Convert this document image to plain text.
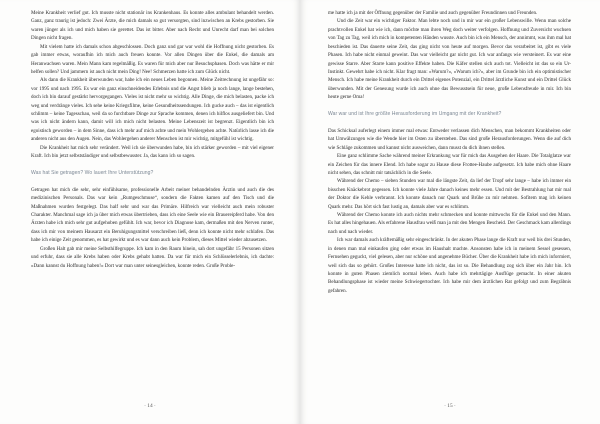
Meine Krankheit verlief gut. Ich musste nicht stationär ins Krankenhaus. Es konnte alles ambulant behandelt werden. Ganz, ganz traurig ist jedoch: Zwei Ärzte, die mich damals so gut versorgten, sind inzwischen an Krebs gestorben. Sie waren jünger als ich und mich haben sie gerettet. Das ist bitter. Aber nach Recht und Unrecht darf man bei solchen Dingen nicht fragen.

Mit vielem hatte ich damals schon abgeschlossen. Doch ganz und gar war wohl die Hoffnung nicht gestorben. Es gab immer etwas, woraufhin ich mich auch freuen konnte. Vor allen Dingen über die Enkel, die damals am Heranwachsen waren. Mein Mann kam regelmäßig. Es waren für mich aber nur Besuchsphasen. Doch was hätte er mir helfen sollen? Und jammern ist auch nicht mein Ding! Nee! Schmerzen hatte ich zum Glück nicht.

Als dann die Krankheit überwunden war, habe ich ein neues Leben begonnen. Meine Zeitrechnung ist ungefähr so: vor 1995 und nach 1995. Es war ein ganz einschneidendes Erlebnis und die Angst blieb ja noch lange, lange bestehen, doch ich bin darauf gestärkt hervorgegangen. Vieles ist nicht mehr so wichtig. Alle Dinge, die mich belasten, packe ich weg und verdränge vieles. Ich sehe keine Kriegsfilme, keine Gesundheitssendungen. Ich gucke auch – das ist eigentlich schlimm – keine Tagesschau, weil da so furchtbare Dinge zur Sprache kommen, denen ich hilflos ausgeliefert bin. Und was ich nicht ändern kann, damit will ich mich nicht belasten. Meine Lebenszeit ist begrenzt. Eigentlich bin ich egoistisch geworden – in dem Sinne, dass ich mehr auf mich achte und mein Wohlergehen achte. Natürlich lasse ich die anderen nicht aus den Augen. Nein, das Wohlergehen anderer Menschen ist mir wichtig, mitgefühl ist wichtig.

Die Krankheit hat mich sehr verändert. Weil ich sie überwunden habe, bin ich stärker geworden – mit viel eigener Kraft. Ich bin jetzt selbstständiger und selbstbewusster. Ja, das kann ich so sagen.

Was hat Sie getragen? Wo lauert Ihre Unterstützung?

Getragen hat mich die sehr, sehr einfühlsame, professionelle Arbeit meiner behandelnden Ärztin und auch die des medizinischen Personals. Das war kein „Rumgeschmuse“, sondern die Fakten kamen auf den Tisch und die Maßnahmen wurden festgelegt. Das half sehr und war das Primäre. Hilfreich war vielleicht auch mein robuster Charakter. Manchmal sage ich ja über mich etwas übertrieben, dass ich eine Seele wie ein Brauereipferd habe. Von den Ärzten habe ich mich sehr gut aufgehoben gefühlt. Ich war, bevor ich Diagnose kam, dermaßen mit den Nerven runter, dass ich mir von meinem Hausarzt ein Beruhigungsmittel verschreiben ließ, denn ich konnte nicht mehr schlafen. Das habe ich einige Zeit genommen, es hat gewirkt und es war dann auch kein Problem, dieses Mittel wieder abzusetzen.

Großen Halt gab mir meine Selbsthilfegruppe. Ich kam in den Raum hinein, sah dort ungefähr 15 Personen sitzen und erfuhr, dass sie alle Krebs haben oder Krebs gehabt hatten. Da war für mich ein Schlüsselerlebnis, ich dachte: »Dann kannst du Hoffnung haben!« Dort war man unter seinesgleichen, konnte reden. Große Proble-

· 14 ·

me hatte ich ja mit der Öffnung gegenüber der Familie und auch gegenüber Freundinnen und Freunden.

Und die Zeit war ein wichtiger Faktor. Man lebte noch und in mir war ein großer Lebenswille. Wenn man solche prachtvollen Enkel hat wie ich, dann möchte man ihren Weg doch weiter verfolgen. Hoffnung und Zuversicht wuchsen von Tag zu Tag, weil ich mich in kompetenten Händen wusste. Auch bin ich ein Mensch, der annimmt, was ihm mal hat beschieden ist. Das dauerte seine Zeit, das ging nicht von heute auf morgen. Bevor das verarbeitet ist, gibt es viele Phasen. Ich habe nicht einmal geweint. Das war vielleicht gar nicht gut. Ich war anfangs wie versteinert. Es war eine gewisse Starre. Aber Starre kann positive Effekte haben. Die Käfer stellen sich auch tot. Vielleicht ist das so ein Ur-Instinkt. Gewehrt habe ich nicht. Klar fragt man: »Warum?«, »Warum ich?«, aber im Grunde bin ich ein optimistischer Mensch. Ich habe meine Krankheit durch ein Drittel eigenes Potenzial, ein Drittel ärztliche Kunst und ein Drittel Glück überwunden. Mit der Genesung wurde ich auch ohne das Bewusstsein für neue, große Lebensfreude in mir. Ich bin heute gerne Oma!

War war und ist Ihre größte Herausforderung im Umgang mit der Krankheit?

Das Schicksal auferlegt einem immer mal etwas: Entweder verlassen dich Menschen, man bekommt Krankheiten oder hat Umwälzungen wie die Wende hier im Osten zu überstehen. Das sind große Herausforderungen. Wenn die auf dich wie Schläge zukommen und kannst nicht ausweichen, dann musst du dich ihnen stellen.

Eine ganz schlimme Sache während meiner Erkrankung war für mich das Ausgehen der Haare. Die Totalglatze war ein Zeichen für das innere Elend. Ich habe sogar zu Hause diese Frottee-Haube aufgesetzt. Ich habe mich ohne Haare nicht sehen, das schnitt mir tatsächlich in die Seele.

Während der Chemo – sieben Stunden war mal die längste Zeit, da lief der Tropf sehr lange – habe ich immer ein bisschen Knäckebrot gegessen. Ich konnte viele Jahre danach keines mehr essen. Und mit der Bestrahlung hat mir mal der Doktor die Kehle verbrannt. Ich konnte danach nur Quark und Brühe zu mir nehmen. Sofitem mag ich keinen Quark mehr. Das hört sich fast lustig an, damals aber war es schlimm.

Während der Chemo konnte ich auch nichts mehr schmecken und konnte mittwochs für die Enkel und den Mann. Es hat alles hingehauen. Als erfahrene Hausfrau weiß man ja mit den Mengen Bescheid. Der Geschmack kam allerdings nach und nach wieder.

Ich war damals auch kräftemäßig sehr eingeschränkt. In der akuten Phase lange die Kraft nur weil bis drei Stunden, in denen man mal einkaufen ging oder etwas im Haushalt machte. Ansonsten habe ich in meinem Sessel gesessen, Fernsehen geguckt, viel gelesen, aber nur schöne und angenehme Bücher. Über die Krankheit habe ich mich informiert, weil sich das so gehört. Großes Interesse hatte ich nicht, das ist so. Die Behandlung zog sich über ein Jahr hin. Ich konnte in guten Phasen ziemlich normal leben. Auch habe ich mehrtägige Ausflüge gemacht. In einer akuten Behandlungsphase ist wieder meine Schwiegertochter. Ich habe mir dem ärztlichen Rat gefolgt und zum Begräbnis gefahren.

· 15 ·
